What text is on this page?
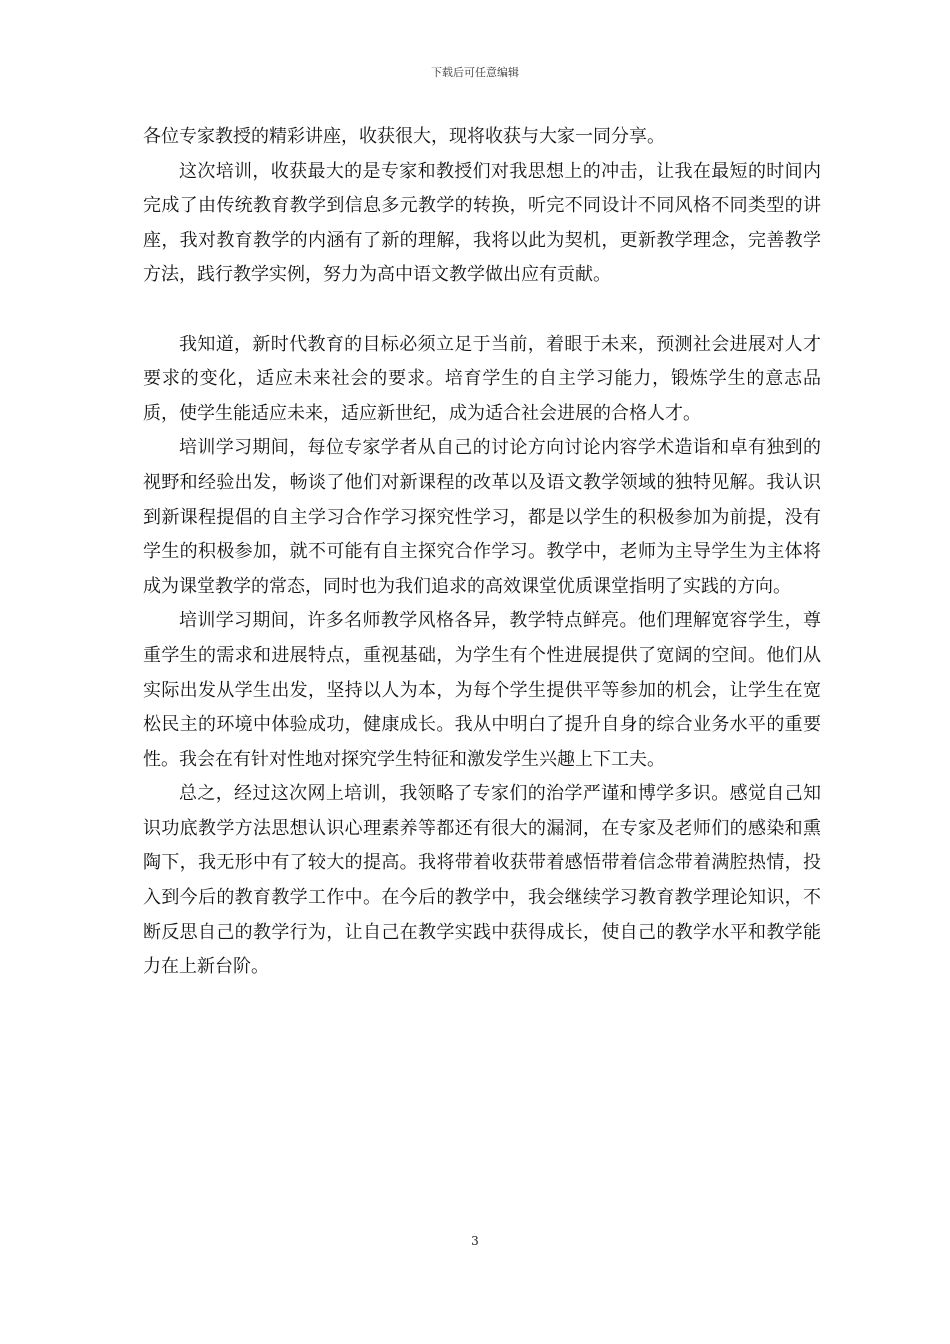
下载后可任意编辑

各位专家教授的精彩讲座，收获很大，现将收获与大家一同分享。

这次培训，收获最大的是专家和教授们对我思想上的冲击，让我在最短的时间内完成了由传统教育教学到信息多元教学的转换，听完不同设计不同风格不同类型的讲座，我对教育教学的内涵有了新的理解，我将以此为契机，更新教学理念，完善教学方法，践行教学实例，努力为高中语文教学做出应有贡献。

我知道，新时代教育的目标必须立足于当前，着眼于未来，预测社会进展对人才要求的变化，适应未来社会的要求。培育学生的自主学习能力，锻炼学生的意志品质，使学生能适应未来，适应新世纪，成为适合社会进展的合格人才。

培训学习期间，每位专家学者从自己的讨论方向讨论内容学术造诣和卓有独到的视野和经验出发，畅谈了他们对新课程的改革以及语文教学领域的独特见解。我认识到新课程提倡的自主学习合作学习探究性学习，都是以学生的积极参加为前提，没有学生的积极参加，就不可能有自主探究合作学习。教学中，老师为主导学生为主体将成为课堂教学的常态，同时也为我们追求的高效课堂优质课堂指明了实践的方向。

培训学习期间，许多名师教学风格各异，教学特点鲜亮。他们理解宽容学生，尊重学生的需求和进展特点，重视基础，为学生有个性进展提供了宽阔的空间。他们从实际出发从学生出发，坚持以人为本，为每个学生提供平等参加的机会，让学生在宽松民主的环境中体验成功，健康成长。我从中明白了提升自身的综合业务水平的重要性。我会在有针对性地对探究学生特征和激发学生兴趣上下工夫。

总之，经过这次网上培训，我领略了专家们的治学严谨和博学多识。感觉自己知识功底教学方法思想认识心理素养等都还有很大的漏洞，在专家及老师们的感染和熏陶下，我无形中有了较大的提高。我将带着收获带着感悟带着信念带着满腔热情，投入到今后的教育教学工作中。在今后的教学中，我会继续学习教育教学理论知识，不断反思自己的教学行为，让自己在教学实践中获得成长，使自己的教学水平和教学能力在上新台阶。

3
